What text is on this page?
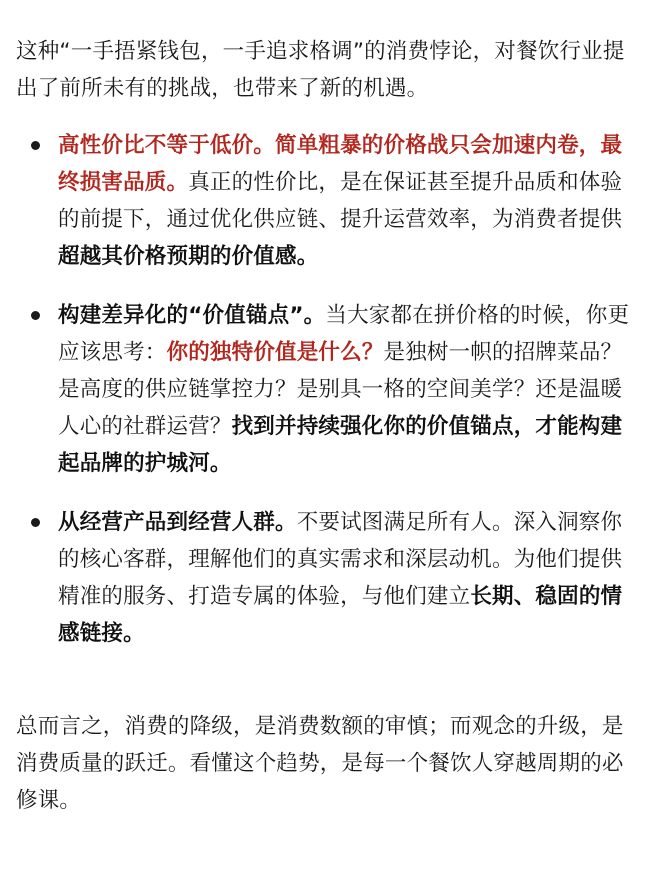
这种“一手捂紧钱包，一手追求格调”的消费悖论，对餐饮行业提出了前所未有的挑战，也带来了新的机遇。

高性价比不等于低价。简单粗暴的价格战只会加速内卷，最终损害品质。真正的性价比，是在保证甚至提升品质和体验的前提下，通过优化供应链、提升运营效率，为消费者提供超越其价格预期的价值感。
构建差异化的“价值锚点”。当大家都在拼价格的时候，你更应该思考：你的独特价值是什么？是独树一帜的招牌菜品？是高度的供应链掌控力？是别具一格的空间美学？还是温暖人心的社群运营？找到并持续强化你的价值锚点，才能构建起品牌的护城河。
从经营产品到经营人群。不要试图满足所有人。深入洞察你的核心客群，理解他们的真实需求和深层动机。为他们提供精准的服务、打造专属的体验，与他们建立长期、稳固的情感链接。

总而言之，消费的降级，是消费数额的审慎；而观念的升级，是消费质量的跃迁。看懂这个趋势，是每一个餐饮人穿越周期的必修课。
